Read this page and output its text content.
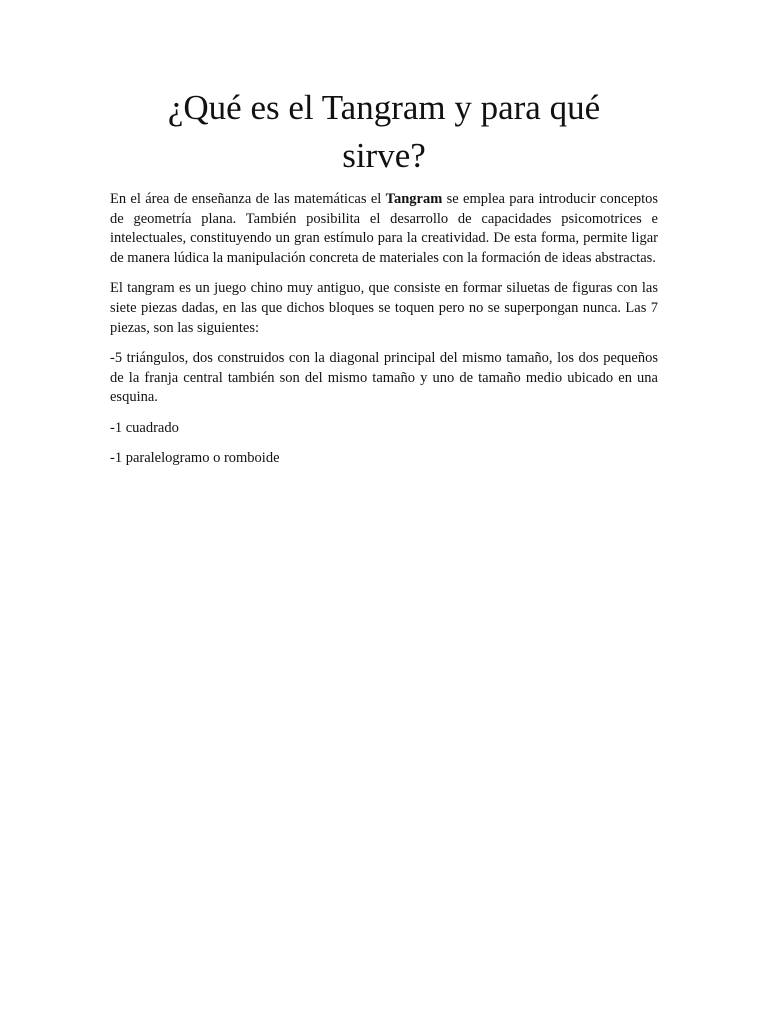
¿Qué es el Tangram y para qué sirve?

En el área de enseñanza de las matemáticas el Tangram se emplea para introducir conceptos de geometría plana. También posibilita el desarrollo de capacidades psicomotrices e intelectuales, constituyendo un gran estímulo para la creatividad. De esta forma, permite ligar de manera lúdica la manipulación concreta de materiales con la formación de ideas abstractas.

El tangram es un juego chino muy antiguo, que consiste en formar siluetas de figuras con las siete piezas dadas, en las que dichos bloques se toquen pero no se superpongan nunca. Las 7 piezas, son las siguientes:

-5 triángulos, dos construidos con la diagonal principal del mismo tamaño, los dos pequeños de la franja central también son del mismo tamaño y uno de tamaño medio ubicado en una esquina.

-1 cuadrado

-1 paralelogramo o romboide
